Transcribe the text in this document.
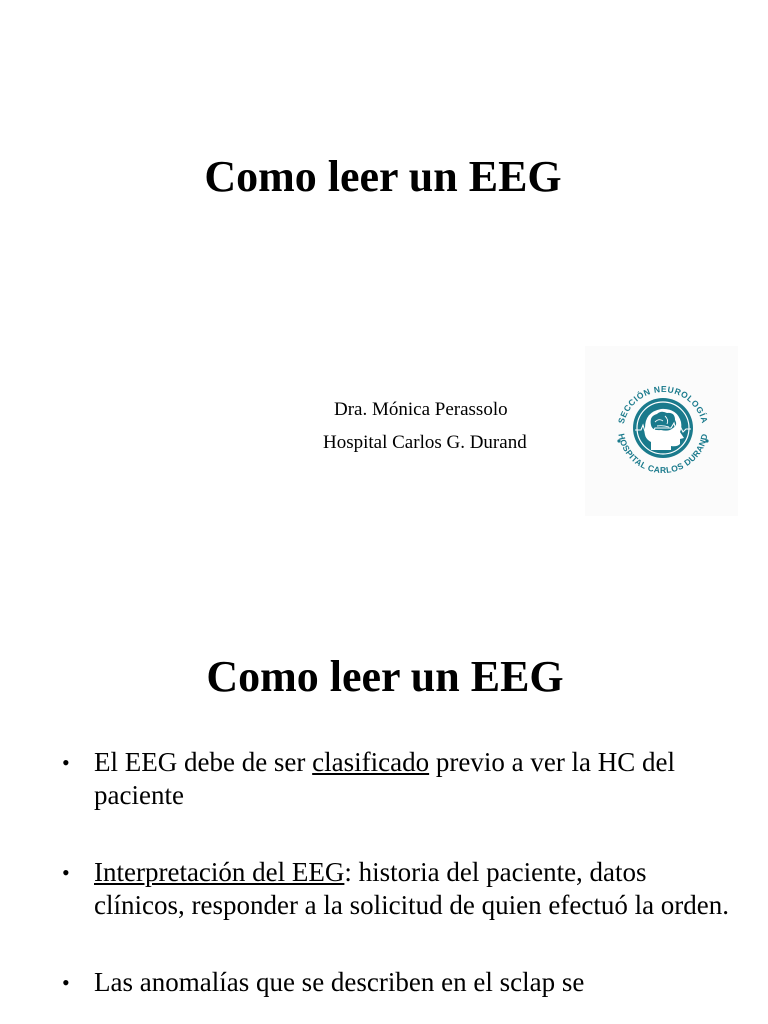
Como leer un EEG
Dra. Mónica Perassolo
Hospital Carlos G. Durand
SECCIÓN NEUROLOGÍA
HOSPITAL CARLOS DURAND
Como leer un EEG
• El EEG debe de ser clasificado previo a ver la HC del paciente
• Interpretación del EEG: historia del paciente, datos clínicos, responder a la solicitud de quien efectuó la orden.
• Las anomalías que se describen en el sclap se
